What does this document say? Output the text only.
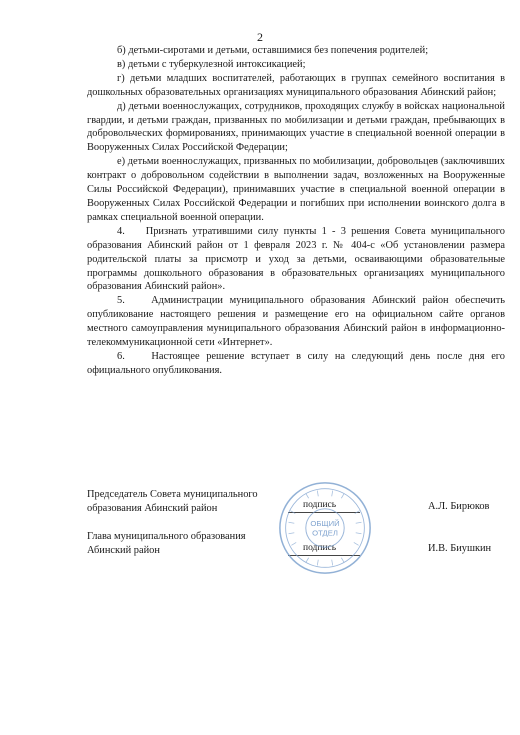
2

б) детьми-сиротами и детьми, оставшимися без попечения родителей;

в) детьми с туберкулезной интоксикацией;

г) детьми младших воспитателей, работающих в группах семейного воспитания в дошкольных образовательных организациях муниципального образования Абинский район;

д) детьми военнослужащих, сотрудников, проходящих службу в войсках национальной гвардии, и детьми граждан, призванных по мобилизации и детьми граждан, пребывающих в добровольческих формированиях, принимающих участие в специальной военной операции в Вооруженных Силах Российской Федерации;

е) детьми военнослужащих, призванных по мобилизации, добровольцев (заключивших контракт о добровольном содействии в выполнении задач, возложенных на Вооруженные Силы Российской Федерации), принимавших участие в специальной военной операции в Вооруженных Силах Российской Федерации и погибших при исполнении воинского долга в рамках специальной военной операции.

4.    Признать утратившими силу пункты 1 - 3 решения Совета муниципального образования Абинский район от 1 февраля 2023 г. № 404-с «Об установлении размера родительской платы за присмотр и уход за детьми, осваивающими образовательные программы дошкольного образования в образовательных организациях муниципального образования Абинский район».

5.    Администрации муниципального образования Абинский район обеспечить опубликование настоящего решения и размещение его на официальном сайте органов местного самоуправления муниципального образования Абинский район в информационно-телекоммуникационной сети «Интернет».

6.    Настоящее решение вступает в силу на следующий день после дня его официального опубликования.

Председатель Совета муниципального
образования Абинский район	подпись	А.Л. Бирюков
Глава муниципального образования
Абинский район	подпись	И.В. Биушкин
ОБЩИЙ
ОТДЕЛ
